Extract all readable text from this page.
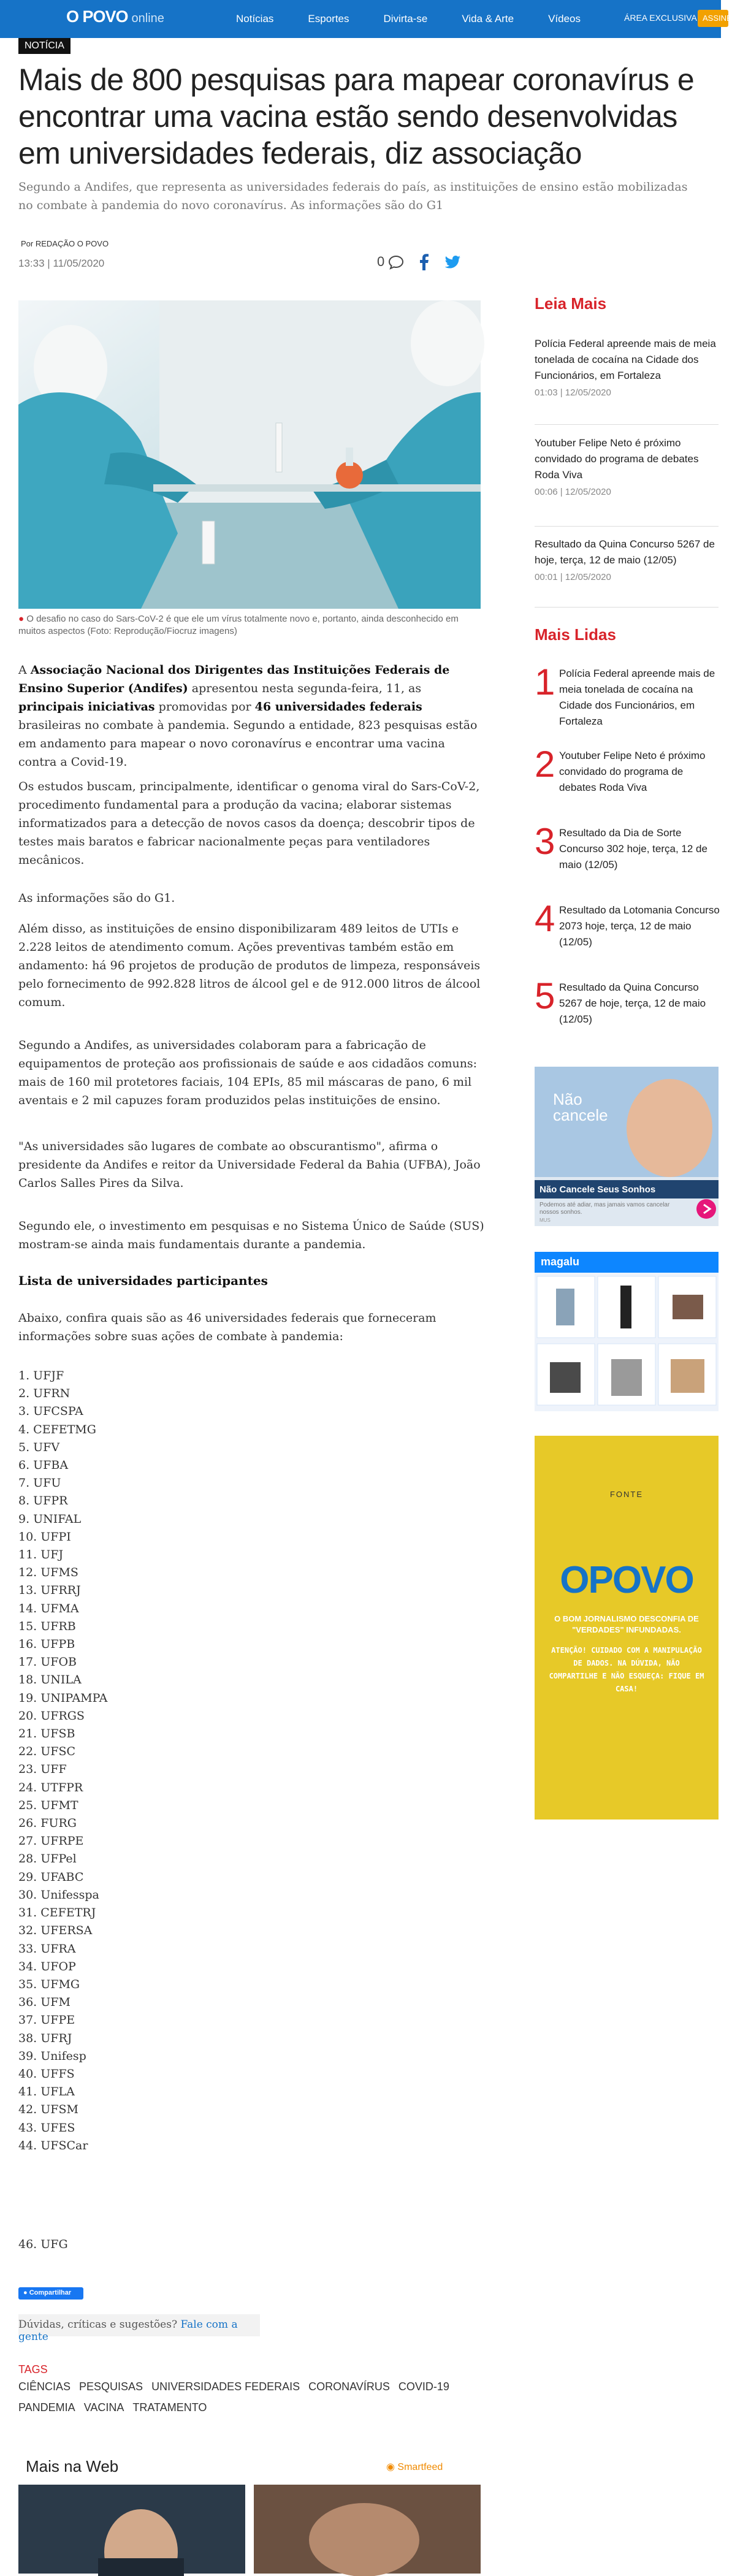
O POVO online	Notícias	Esportes	Divirta-se	Vida & Arte	Vídeos	ÁREA EXCLUSIVA ASSINE
NOTÍCIA
Mais de 800 pesquisas para mapear coronavírus e encontrar uma vacina estão sendo desenvolvidas em universidades federais, diz associação

Segundo a Andifes, que representa as universidades federais do país, as instituições de ensino estão mobilizadas no combate à pandemia do novo coronavírus. As informações são do G1

Por REDAÇÃO O POVO
13:33 | 11/05/2020	0
● O desafio no caso do Sars-CoV-2 é que ele um vírus totalmente novo e, portanto, ainda desconhecido em muitos aspectos (Foto: Reprodução/Fiocruz imagens)

A Associação Nacional dos Dirigentes das Instituições Federais de Ensino Superior (Andifes) apresentou nesta segunda-feira, 11, as principais iniciativas promovidas por 46 universidades federais brasileiras no combate à pandemia. Segundo a entidade, 823 pesquisas estão em andamento para mapear o novo coronavírus e encontrar uma vacina contra a Covid-19.

Os estudos buscam, principalmente, identificar o genoma viral do Sars-CoV-2, procedimento fundamental para a produção da vacina; elaborar sistemas informatizados para a detecção de novos casos da doença; descobrir tipos de testes mais baratos e fabricar nacionalmente peças para ventiladores mecânicos.

As informações são do G1.

Além disso, as instituições de ensino disponibilizaram 489 leitos de UTIs e 2.228 leitos de atendimento comum. Ações preventivas também estão em andamento: há 96 projetos de produção de produtos de limpeza, responsáveis pelo fornecimento de 992.828 litros de álcool gel e de 912.000 litros de álcool comum.

Segundo a Andifes, as universidades colaboram para a fabricação de equipamentos de proteção aos profissionais de saúde e aos cidadãos comuns: mais de 160 mil protetores faciais, 104 EPIs, 85 mil máscaras de pano, 6 mil aventais e 2 mil capuzes foram produzidos pelas instituições de ensino.

"As universidades são lugares de combate ao obscurantismo", afirma o presidente da Andifes e reitor da Universidade Federal da Bahia (UFBA), João Carlos Salles Pires da Silva.

Segundo ele, o investimento em pesquisas e no Sistema Único de Saúde (SUS) mostram-se ainda mais fundamentais durante a pandemia.

Lista de universidades participantes

Abaixo, confira quais são as 46 universidades federais que forneceram informações sobre suas ações de combate à pandemia:

1. UFJF
2. UFRN
3. UFCSPA
4. CEFETMG
5. UFV
6. UFBA
7. UFU
8. UFPR
9. UNIFAL
10. UFPI
11. UFJ
12. UFMS
13. UFRRJ
14. UFMA
15. UFRB
16. UFPB
17. UFOB
18. UNILA
19. UNIPAMPA
20. UFRGS
21. UFSB
22. UFSC
23. UFF
24. UTFPR
25. UFMT
26. FURG
27. UFRPE
28. UFPel
29. UFABC
30. Unifesspa
31. CEFETRJ
32. UFERSA
33. UFRA
34. UFOP
35. UFMG
36. UFM
37. UFPE
38. UFRJ
39. Unifesp
40. UFFS
41. UFLA
42. UFSM
43. UFES
44. UFSCar
46. UFG
● Compartilhar
Dúvidas, críticas e sugestões? Fale com a gente
TAGS
CIÊNCIAS PESQUISAS UNIVERSIDADES FEDERAIS CORONAVÍRUS COVID-19
PANDEMIA VACINA TRATAMENTO
Mais na Web	◉ Smartfeed
Leia Mais
Polícia Federal apreende mais de meia tonelada de cocaína na Cidade dos Funcionários, em Fortaleza
01:03 | 12/05/2020
Youtuber Felipe Neto é próximo convidado do programa de debates Roda Viva
00:06 | 12/05/2020
Resultado da Quina Concurso 5267 de hoje, terça, 12 de maio (12/05)
00:01 | 12/05/2020
Mais Lidas
1 Polícia Federal apreende mais de meia tonelada de cocaína na Cidade dos Funcionários, em Fortaleza
2 Youtuber Felipe Neto é próximo convidado do programa de debates Roda Viva
3 Resultado da Dia de Sorte Concurso 302 hoje, terça, 12 de maio (12/05)
4 Resultado da Lotomania Concurso 2073 hoje, terça, 12 de maio (12/05)
5 Resultado da Quina Concurso 5267 de hoje, terça, 12 de maio (12/05)
Não cancele
Não Cancele Seus Sonhos
Podemos até adiar, mas jamais vamos cancelar nossos sonhos.
MUS
magalu
FONTE
OPOVO
O BOM JORNALISMO DESCONFIA DE "VERDADES" INFUNDADAS.
ATENÇÃO! CUIDADO COM A MANIPULAÇÃO DE DADOS. NA DÚVIDA, NÃO COMPARTILHE E NÃO ESQUEÇA: FIQUE EM CASA!
